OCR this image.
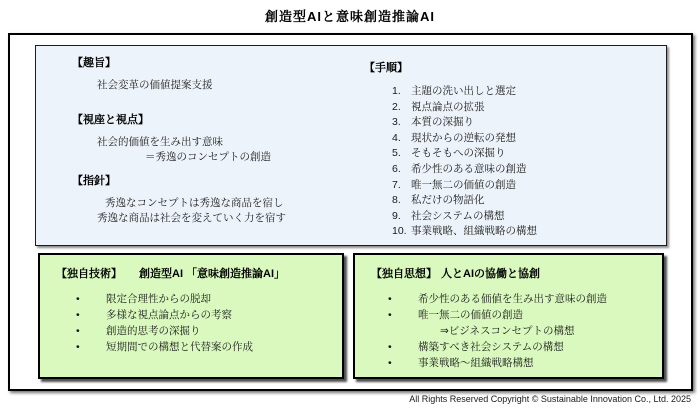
創造型AIと意味創造推論AI
【趣旨】
社会変革の価値提案支援
【視座と視点】
社会的価値を生み出す意味
＝秀逸のコンセプトの創造
【指針】
秀逸なコンセプトは秀逸な商品を宿し
秀逸な商品は社会を変えていく力を宿す
【手順】
1. 主題の洗い出しと選定
2. 視点論点の拡張
3. 本質の深掘り
4. 現状からの逆転の発想
5. そもそもへの深掘り
6. 希少性のある意味の創造
7. 唯一無二の価値の創造
8. 私だけの物語化
9. 社会システムの構想
10. 事業戦略、組織戦略の構想
【独自技術】 創造型AI 「意味創造推論AI」
•
限定合理性からの脱却
•
多様な視点論点からの考察
•
創造的思考の深掘り
•
短期間での構想と代替案の作成
【独自思想】 人とAIの協働と協創
•
希少性のある価値を生み出す意味の創造
•
唯一無二の価値の創造
⇒ビジネスコンセプトの構想
•
構築すべき社会システムの構想
•
事業戦略～組織戦略構想
All Rights Reserved Copyright © Sustainable Innovation Co., Ltd. 2025
